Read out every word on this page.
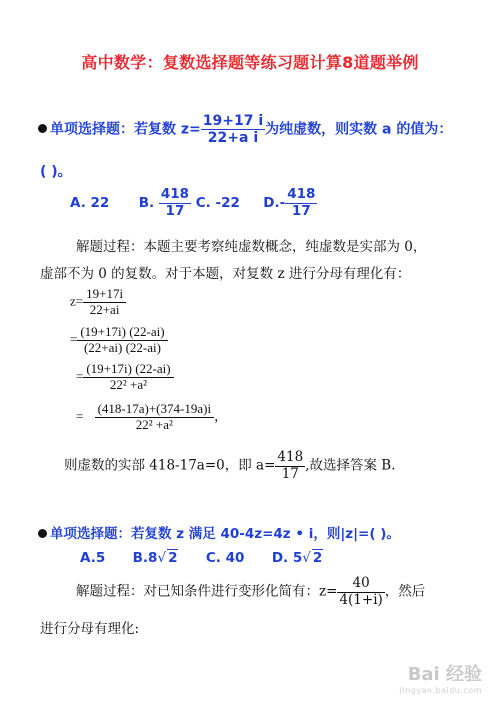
高中数学：复数选择题等练习题计算8道题举例
单项选择题：若复数 $z= \frac{19+17 i}{\text{22+a i}}$ 为纯虚数，则实数 a 的值为：
( )。
A. 22 B. $\frac{418}{17} C$. -22 $D.- \frac{418}{17}$
解题过程：本题主要考察纯虚数概念，纯虚数是实部为 0，
虚部不为 0 的复数。对于本题，对复数 z 进行分母有理化有：
$z= \frac{19+17i}{22+ai}$
= $\frac{(19+17i) (22-ai)}{(22+ai) (22-ai)}$
= $\frac{(19+17i) (22-ai)}{\text{22² +a²}}$
= $\frac{(418-17a)+(374-19a)i}{\text{22² +a²}}$ ，
则虚数的实部 418-17a=0，即 $a= \frac{418}{17}$ ,故选择答案 B.
单项选择题：若复数 z 满足 40-4z=4z • i，则|z|=( )。
A.5 B.8√ 2 C. 40 D. 5√ 2
解题过程：对已知条件进行变形化简有：$z= \frac{40}{4(1+i)}$ ，然后
进行分母有理化:
Bai 经验
jingyan.baidu.com
